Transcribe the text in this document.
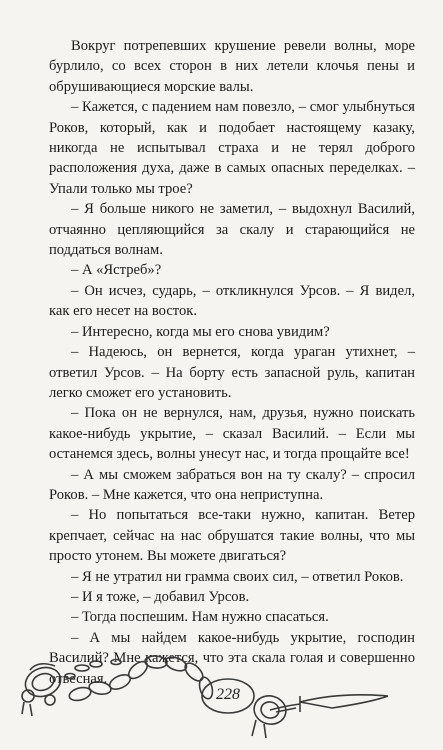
Вокруг потрепевших крушение ревели волны, море бурлило, со всех сторон в них летели клочья пены и обрушивающиеся морские валы.

– Кажется, с падением нам повезло, – смог улыбнуться Роков, который, как и подобает настоящему казаку, никогда не испытывал страха и не терял доброго расположения духа, даже в самых опасных переделках. – Упали только мы трое?

– Я больше никого не заметил, – выдохнул Василий, отчаянно цепляющийся за скалу и старающийся не поддаться волнам.

– А «Ястреб»?

– Он исчез, сударь, – откликнулся Урсов. – Я видел, как его несет на восток.

– Интересно, когда мы его снова увидим?

– Надеюсь, он вернется, когда ураган утихнет, – ответил Урсов. – На борту есть запасной руль, капитан легко сможет его установить.

– Пока он не вернулся, нам, друзья, нужно поискать какое-нибудь укрытие, – сказал Василий. – Если мы останемся здесь, волны унесут нас, и тогда прощайте все!

– А мы сможем забраться вон на ту скалу? – спросил Роков. – Мне кажется, что она неприступна.

– Но попытаться все-таки нужно, капитан. Ветер крепчает, сейчас на нас обрушатся такие волны, что мы просто утонем. Вы можете двигаться?

– Я не утратил ни грамма своих сил, – ответил Роков.

– И я тоже, – добавил Урсов.

– Тогда поспешим. Нам нужно спасаться.

– А мы найдем какое-нибудь укрытие, господин Василий? Мне кажется, что эта скала голая и совершенно отвесная.

228
